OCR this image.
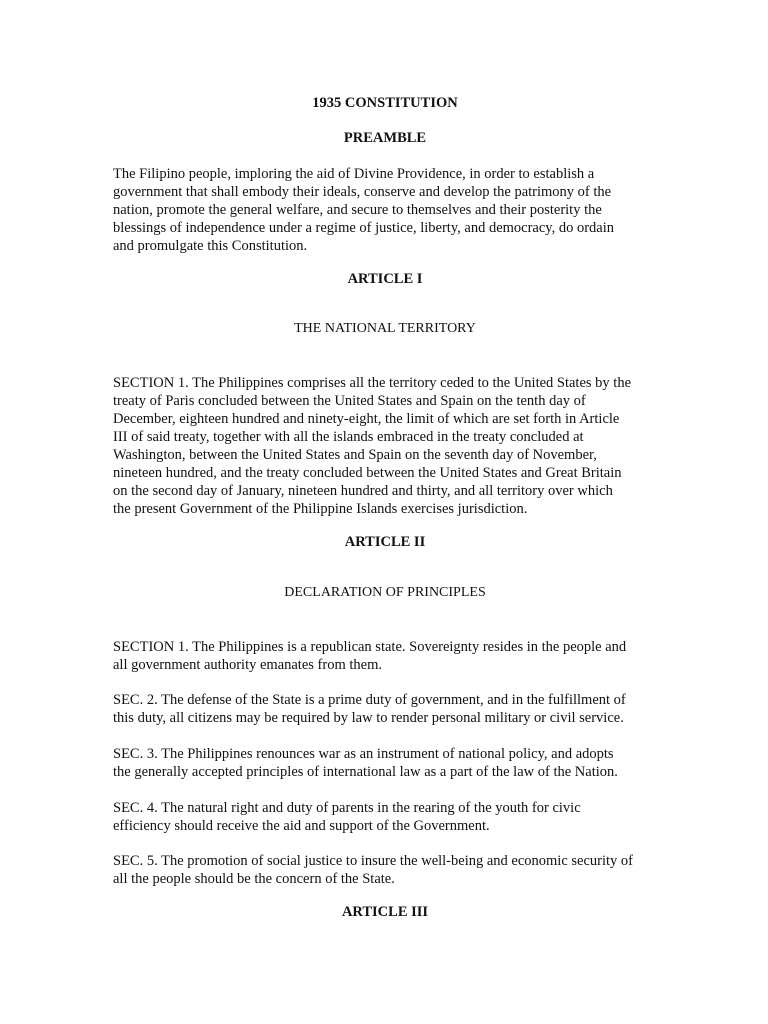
1935 CONSTITUTION
PREAMBLE
The Filipino people, imploring the aid of Divine Providence, in order to establish a
government that shall embody their ideals, conserve and develop the patrimony of the
nation, promote the general welfare, and secure to themselves and their posterity the
blessings of independence under a regime of justice, liberty, and democracy, do ordain
and promulgate this Constitution.
ARTICLE I
THE NATIONAL TERRITORY
SECTION 1. The Philippines comprises all the territory ceded to the United States by the
treaty of Paris concluded between the United States and Spain on the tenth day of
December, eighteen hundred and ninety-eight, the limit of which are set forth in Article
III of said treaty, together with all the islands embraced in the treaty concluded at
Washington, between the United States and Spain on the seventh day of November,
nineteen hundred, and the treaty concluded between the United States and Great Britain
on the second day of January, nineteen hundred and thirty, and all territory over which
the present Government of the Philippine Islands exercises jurisdiction.
ARTICLE II
DECLARATION OF PRINCIPLES
SECTION 1. The Philippines is a republican state. Sovereignty resides in the people and
all government authority emanates from them.
SEC. 2. The defense of the State is a prime duty of government, and in the fulfillment of
this duty, all citizens may be required by law to render personal military or civil service.
SEC. 3. The Philippines renounces war as an instrument of national policy, and adopts
the generally accepted principles of international law as a part of the law of the Nation.
SEC. 4. The natural right and duty of parents in the rearing of the youth for civic
efficiency should receive the aid and support of the Government.
SEC. 5. The promotion of social justice to insure the well-being and economic security of
all the people should be the concern of the State.
ARTICLE III
